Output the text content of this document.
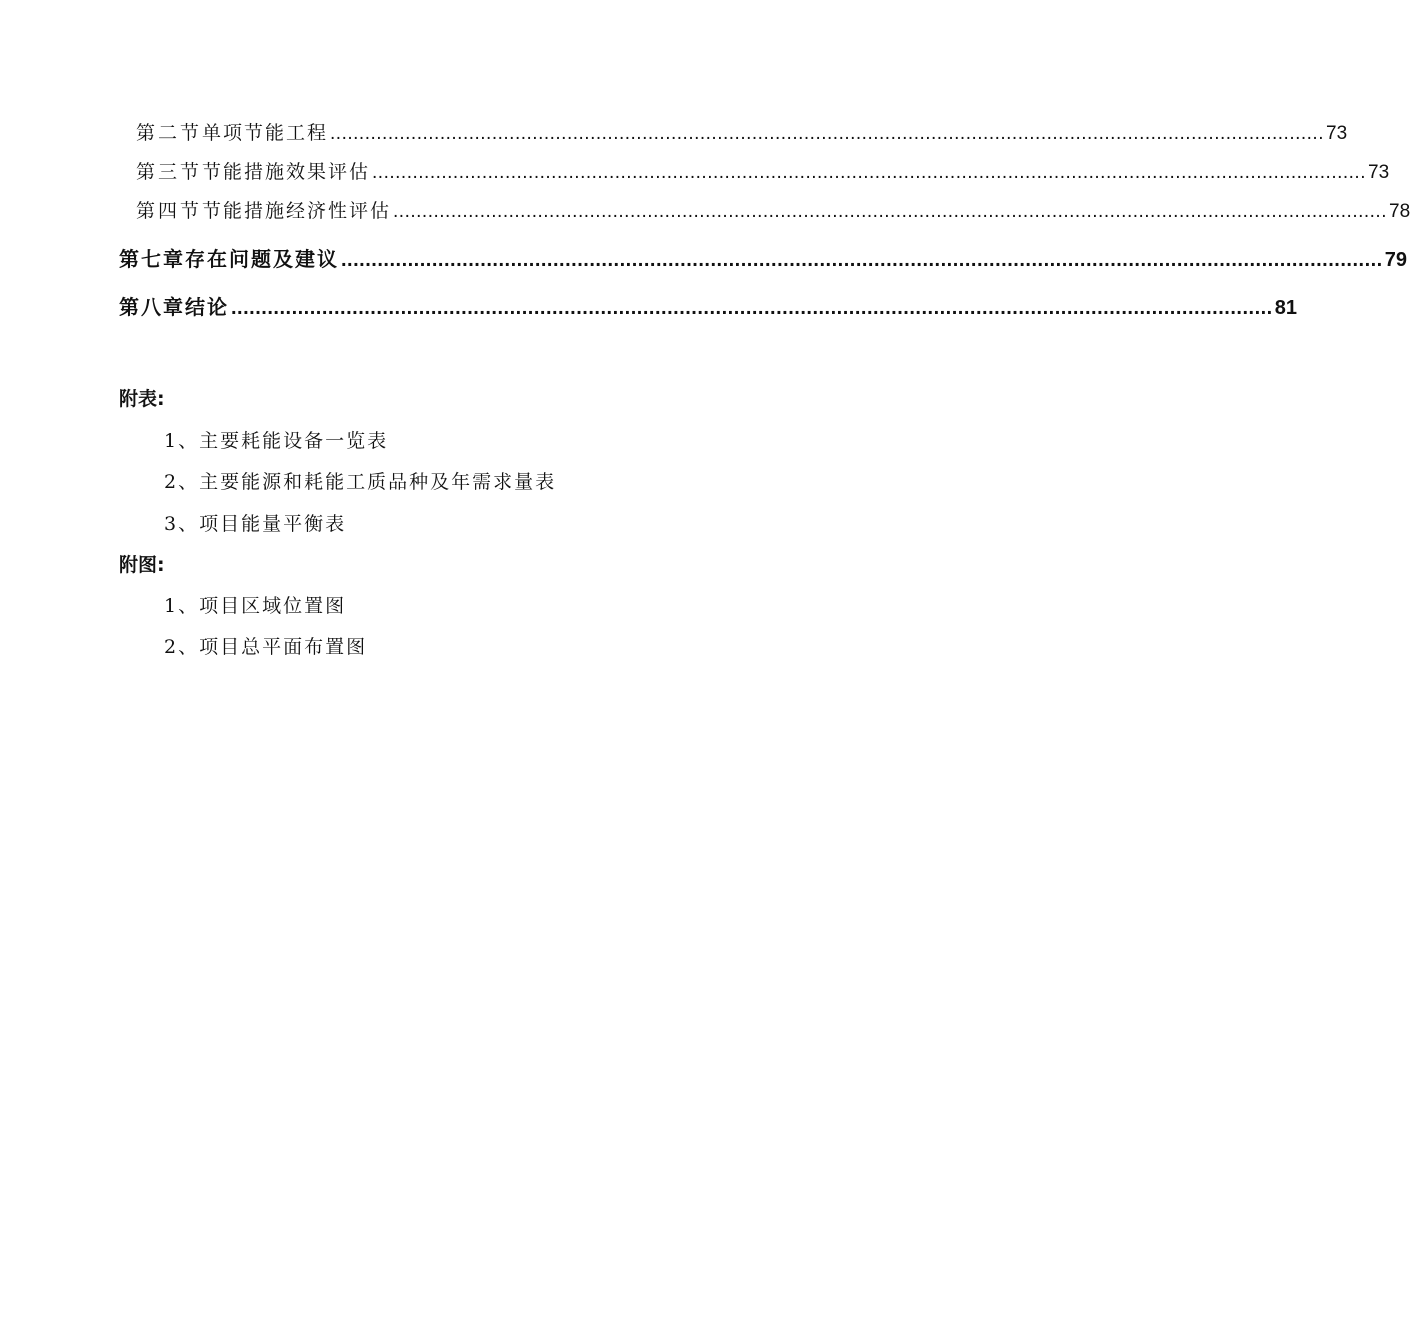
第二节 单项节能工程 ............................................................................................................................................................................ 73
第三节 节能措施效果评估 ............................................................................................................................................................................ 73
第四节 节能措施经济性评估 ............................................................................................................................................................................ 78
第七章 存在问题及建议 ............................................................................................................................................................................ 79
第八章 结论 ............................................................................................................................................................................ 81
附表:
1、主要耗能设备一览表
2、主要能源和耗能工质品种及年需求量表
3、项目能量平衡表
附图:
1、项目区域位置图
2、项目总平面布置图
